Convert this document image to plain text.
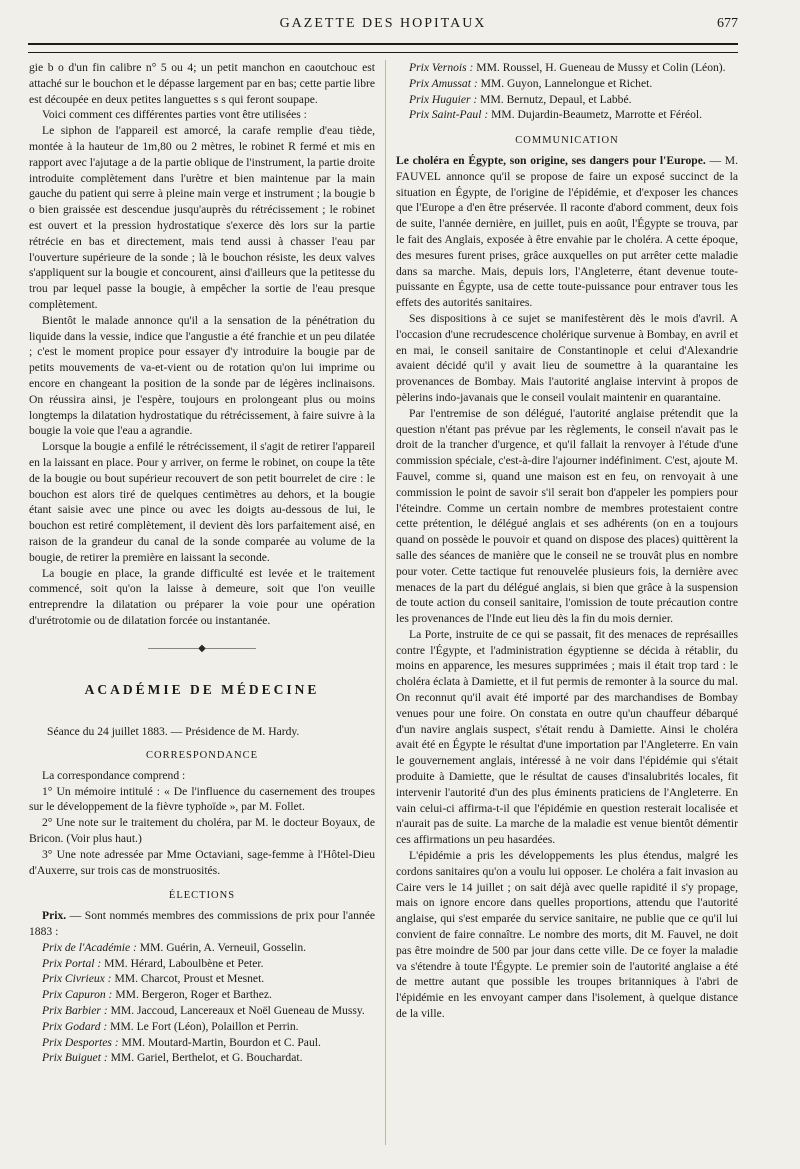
GAZETTE DES HOPITAUX	677

gie b o d'un fin calibre n° 5 ou 4; un petit manchon en caoutchouc est attaché sur le bouchon et le dépasse largement par en bas; cette partie libre est découpée en deux petites languettes s s qui feront soupape.

Voici comment ces différentes parties vont être utilisées :

Le siphon de l'appareil est amorcé, la carafe remplie d'eau tiède, montée à la hauteur de 1m,80 ou 2 mètres, le robinet R fermé et mis en rapport avec l'ajutage a de la partie oblique de l'instrument, la partie droite introduite complètement dans l'urètre et bien maintenue par la main gauche du patient qui serre à pleine main verge et instrument ; la bougie b o bien graissée est descendue jusqu'auprès du rétrécissement ; le robinet est ouvert et la pression hydrostatique s'exerce dès lors sur la partie rétrécie en bas et directement, mais tend aussi à chasser l'eau par l'ouverture supérieure de la sonde ; là le bouchon résiste, les deux valves s'appliquent sur la bougie et concourent, ainsi d'ailleurs que la petitesse du trou par lequel passe la bougie, à empêcher la sortie de l'eau presque complètement.

Bientôt le malade annonce qu'il a la sensation de la pénétration du liquide dans la vessie, indice que l'angustie a été franchie et un peu dilatée ; c'est le moment propice pour essayer d'y introduire la bougie par de petits mouvements de va-et-vient ou de rotation qu'on lui imprime ou encore en changeant la position de la sonde par de légères inclinaisons. On réussira ainsi, je l'espère, toujours en prolongeant plus ou moins longtemps la dilatation hydrostatique du rétrécissement, à faire suivre à la bougie la voie que l'eau a agrandie.

Lorsque la bougie a enfilé le rétrécissement, il s'agit de retirer l'appareil en la laissant en place. Pour y arriver, on ferme le robinet, on coupe la tête de la bougie ou bout supérieur recouvert de son petit bourrelet de cire : le bouchon est alors tiré de quelques centimètres au dehors, et la bougie étant saisie avec une pince ou avec les doigts au-dessous de lui, le bouchon est retiré complètement, il devient dès lors parfaitement aisé, en raison de la grandeur du canal de la sonde comparée au volume de la bougie, de retirer la première en laissant la seconde.

La bougie en place, la grande difficulté est levée et le traitement commencé, soit qu'on la laisse à demeure, soit que l'on veuille entreprendre la dilatation ou préparer la voie pour une opération d'urétrotomie ou de dilatation forcée ou instantanée.

—————◆—————
ACADÉMIE DE MÉDECINE

Séance du 24 juillet 1883. — Présidence de M. Hardy.

CORRESPONDANCE

La correspondance comprend :

1° Un mémoire intitulé : « De l'influence du casernement des troupes sur le développement de la fièvre typhoïde », par M. Follet.

2° Une note sur le traitement du choléra, par M. le docteur Boyaux, de Bricon. (Voir plus haut.)

3° Une note adressée par Mme Octaviani, sage-femme à l'Hôtel-Dieu d'Auxerre, sur trois cas de monstruosités.

ÉLECTIONS

Prix. — Sont nommés membres des commissions de prix pour l'année 1883 :

Prix de l'Académie : MM. Guérin, A. Verneuil, Gosselin.

Prix Portal : MM. Hérard, Laboulbène et Peter.

Prix Civrieux : MM. Charcot, Proust et Mesnet.

Prix Capuron : MM. Bergeron, Roger et Barthez.

Prix Barbier : MM. Jaccoud, Lancereaux et Noël Gueneau de Mussy.

Prix Godard : MM. Le Fort (Léon), Polaillon et Perrin.

Prix Desportes : MM. Moutard-Martin, Bourdon et C. Paul.

Prix Buiguet : MM. Gariel, Berthelot, et G. Bouchardat.

Prix Vernois : MM. Roussel, H. Gueneau de Mussy et Colin (Léon).

Prix Amussat : MM. Guyon, Lannelongue et Richet.

Prix Huguier : MM. Bernutz, Depaul, et Labbé.

Prix Saint-Paul : MM. Dujardin-Beaumetz, Marrotte et Féréol.

COMMUNICATION

Le choléra en Égypte, son origine, ses dangers pour l'Europe. — M. FAUVEL annonce qu'il se propose de faire un exposé succinct de la situation en Égypte, de l'origine de l'épidémie, et d'exposer les chances que l'Europe a d'en être préservée. Il raconte d'abord comment, deux fois de suite, l'année dernière, en juillet, puis en août, l'Égypte se trouva, par le fait des Anglais, exposée à être envahie par le choléra. A cette époque, des mesures furent prises, grâce auxquelles on put arrêter cette maladie dans sa marche. Mais, depuis lors, l'Angleterre, étant devenue toute-puissante en Égypte, usa de cette toute-puissance pour entraver tous les effets des autorités sanitaires.

Ses dispositions à ce sujet se manifestèrent dès le mois d'avril. A l'occasion d'une recrudescence cholérique survenue à Bombay, en avril et en mai, le conseil sanitaire de Constantinople et celui d'Alexandrie avaient décidé qu'il y avait lieu de soumettre à la quarantaine les provenances de Bombay. Mais l'autorité anglaise intervint à propos de pèlerins indo-javanais que le conseil voulait maintenir en quarantaine.

Par l'entremise de son délégué, l'autorité anglaise prétendit que la question n'étant pas prévue par les règlements, le conseil n'avait pas le droit de la trancher d'urgence, et qu'il fallait la renvoyer à l'étude d'une commission spéciale, c'est-à-dire l'ajourner indéfiniment. C'est, ajoute M. Fauvel, comme si, quand une maison est en feu, on renvoyait à une commission le point de savoir s'il serait bon d'appeler les pompiers pour l'éteindre. Comme un certain nombre de membres protestaient contre cette prétention, le délégué anglais et ses adhérents (on en a toujours quand on possède le pouvoir et quand on dispose des places) quittèrent la salle des séances de manière que le conseil ne se trouvât plus en nombre pour voter. Cette tactique fut renouvelée plusieurs fois, la dernière avec menaces de la part du délégué anglais, si bien que grâce à la suspension de toute action du conseil sanitaire, l'omission de toute précaution contre les provenances de l'Inde eut lieu dès la fin du mois dernier.

La Porte, instruite de ce qui se passait, fit des menaces de représailles contre l'Égypte, et l'administration égyptienne se décida à rétablir, du moins en apparence, les mesures supprimées ; mais il était trop tard : le choléra éclata à Damiette, et il fut permis de remonter à la source du mal. On reconnut qu'il avait été importé par des marchandises de Bombay venues pour une foire. On constata en outre qu'un chauffeur débarqué d'un navire anglais suspect, s'était rendu à Damiette. Ainsi le choléra avait été en Égypte le résultat d'une importation par l'Angleterre. En vain le gouvernement anglais, intéressé à ne voir dans l'épidémie qui s'était produite à Damiette, que le résultat de causes d'insalubrités locales, fit intervenir l'autorité d'un des plus éminents praticiens de l'Angleterre. En vain celui-ci affirma-t-il que l'épidémie en question resterait localisée et n'aurait pas de suite. La marche de la maladie est venue bientôt démentir ces affirmations un peu hasardées.

L'épidémie a pris les développements les plus étendus, malgré les cordons sanitaires qu'on a voulu lui opposer. Le choléra a fait invasion au Caire vers le 14 juillet ; on sait déjà avec quelle rapidité il s'y propage, mais on ignore encore dans quelles proportions, attendu que l'autorité anglaise, qui s'est emparée du service sanitaire, ne publie que ce qu'il lui convient de faire connaître. Le nombre des morts, dit M. Fauvel, ne doit pas être moindre de 500 par jour dans cette ville. De ce foyer la maladie va s'étendre à toute l'Égypte. Le premier soin de l'autorité anglaise a été de mettre autant que possible les troupes britanniques à l'abri de l'épidémie en les envoyant camper dans l'isolement, à quelque distance de la ville.
